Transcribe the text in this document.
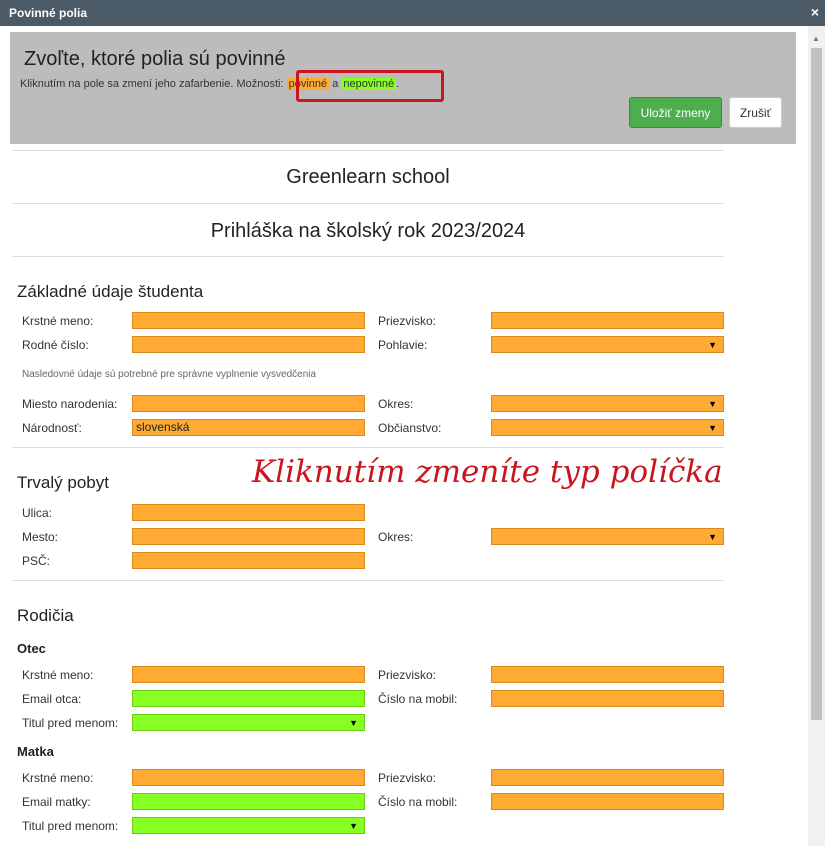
Povinné polia	×
Zvoľte, ktoré polia sú povinné
Kliknutím na pole sa zmení jeho zafarbenie. Možnosti: povinné a nepovinné .
Uložiť zmeny	Zrušiť
Greenlearn school
Prihláška na školský rok 2023/2024
Základné údaje študenta
Krstné meno:	Priezvisko:
Rodné číslo:	Pohlavie:	▼
Nasledovné údaje sú potrebné pre správne vyplnenie vysvedčenia
Miesto narodenia:	Okres:	▼
Národnosť:	slovenská	Občianstvo:	▼
Kliknutím zmeníte typ políčka
Trvalý pobyt
Ulica:
Mesto:	Okres:	▼
PSČ:
Rodičia
Otec
Krstné meno:	Priezvisko:
Email otca:	Číslo na mobil:
Titul pred menom:	▼
Matka
Krstné meno:	Priezvisko:
Email matky:	Číslo na mobil:
Titul pred menom:	▼
▲
